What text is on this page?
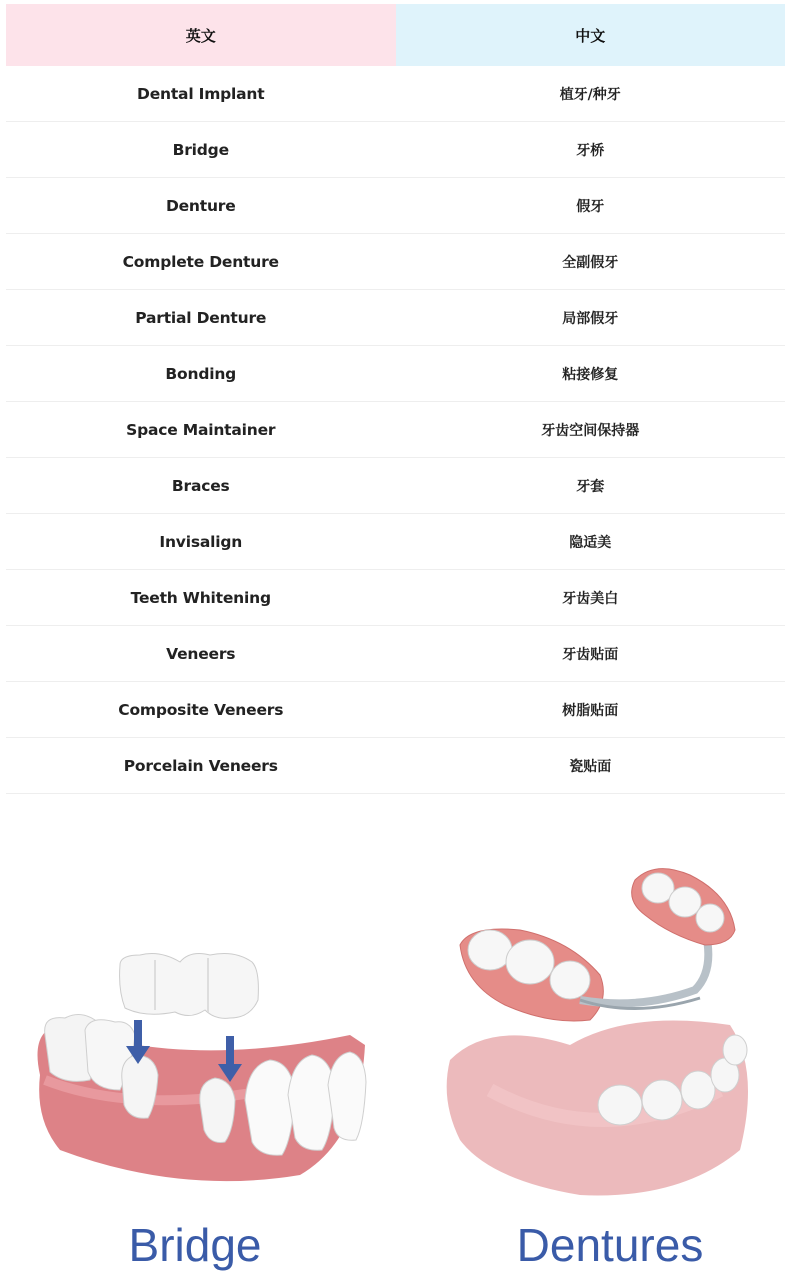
英文	中文
Dental Implant	植牙/种牙
Bridge	牙桥
Denture	假牙
Complete Denture	全副假牙
Partial Denture	局部假牙
Bonding	粘接修复
Space Maintainer	牙齿空间保持器
Braces	牙套
Invisalign	隐适美
Teeth Whitening	牙齿美白
Veneers	牙齿贴面
Composite Veneers	树脂贴面
Porcelain Veneers	瓷贴面
Bridge	Dentures
